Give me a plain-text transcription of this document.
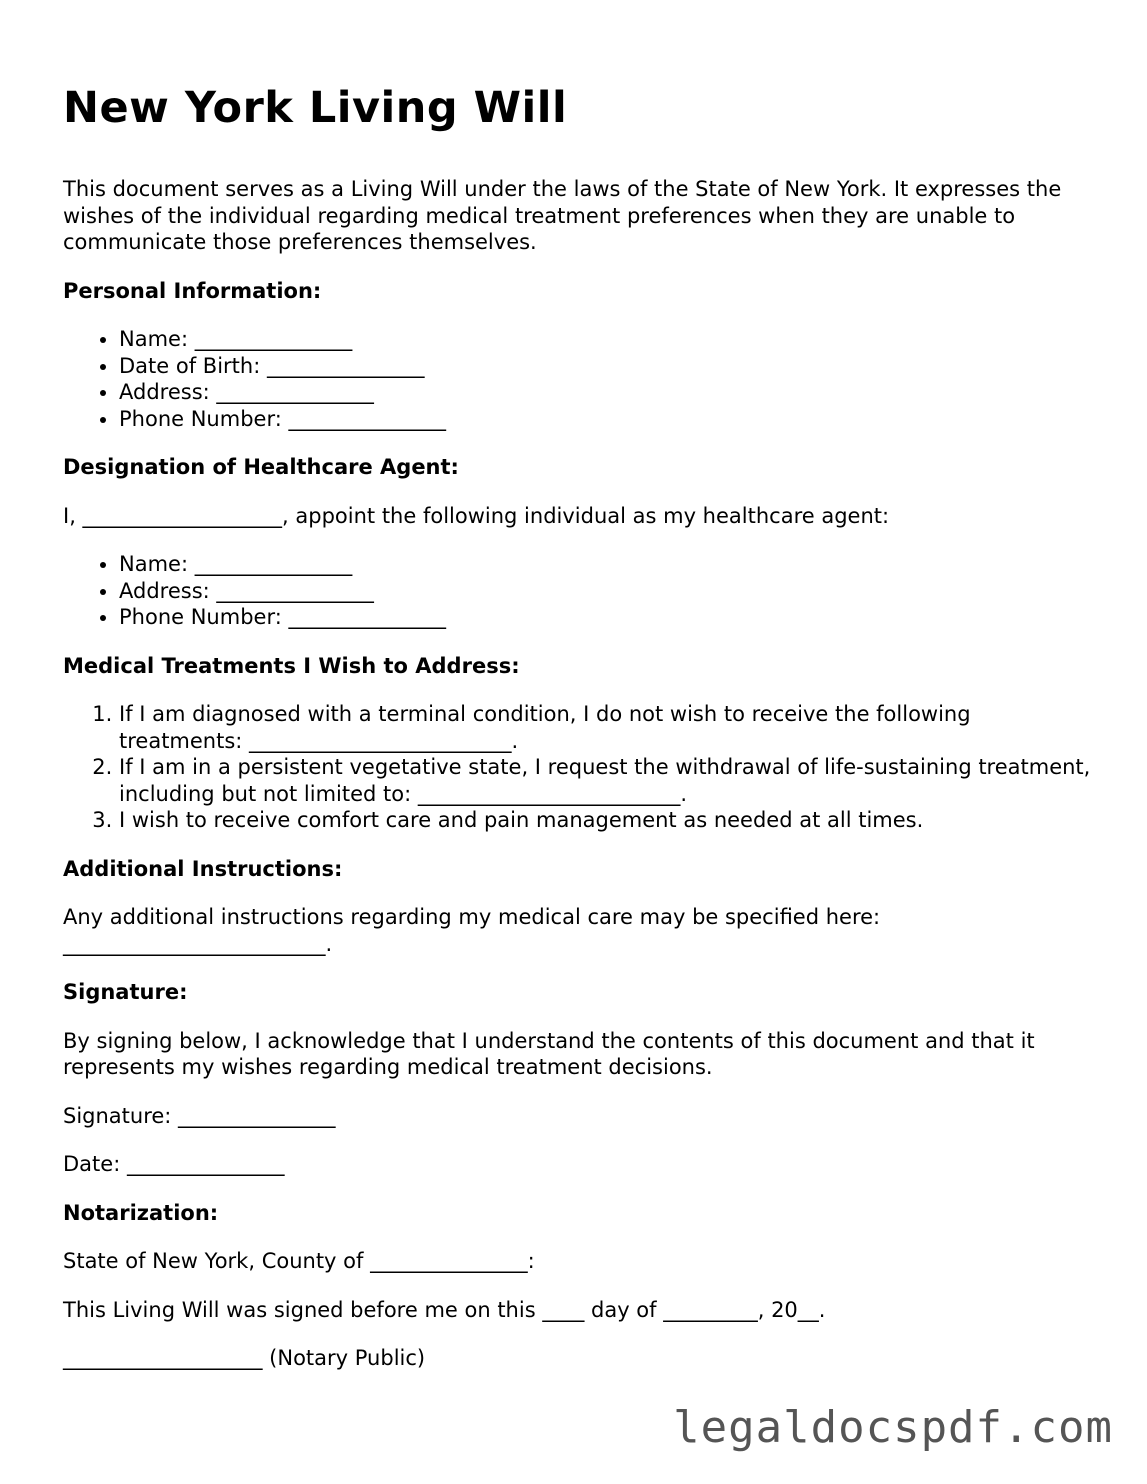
New York Living Will

This document serves as a Living Will under the laws of the State of New York. It expresses the wishes of the individual regarding medical treatment preferences when they are unable to communicate those preferences themselves.

Personal Information:
• Name: _______________
• Date of Birth: _______________
• Address: _______________
• Phone Number: _______________
Designation of Healthcare Agent:

I, ___________________, appoint the following individual as my healthcare agent:

• Name: _______________
• Address: _______________
• Phone Number: _______________
Medical Treatments I Wish to Address:
1. If I am diagnosed with a terminal condition, I do not wish to receive the following treatments: _________________________.
2. If I am in a persistent vegetative state, I request the withdrawal of life-sustaining treatment, including but not limited to: _________________________.
3. I wish to receive comfort care and pain management as needed at all times.
Additional Instructions:

Any additional instructions regarding my medical care may be specified here: _________________________.

Signature:

By signing below, I acknowledge that I understand the contents of this document and that it represents my wishes regarding medical treatment decisions.

Signature: _______________

Date: _______________

Notarization:

State of New York, County of _______________:

This Living Will was signed before me on this ____ day of _________, 20__.

___________________ (Notary Public)

legaldocspdf.com
